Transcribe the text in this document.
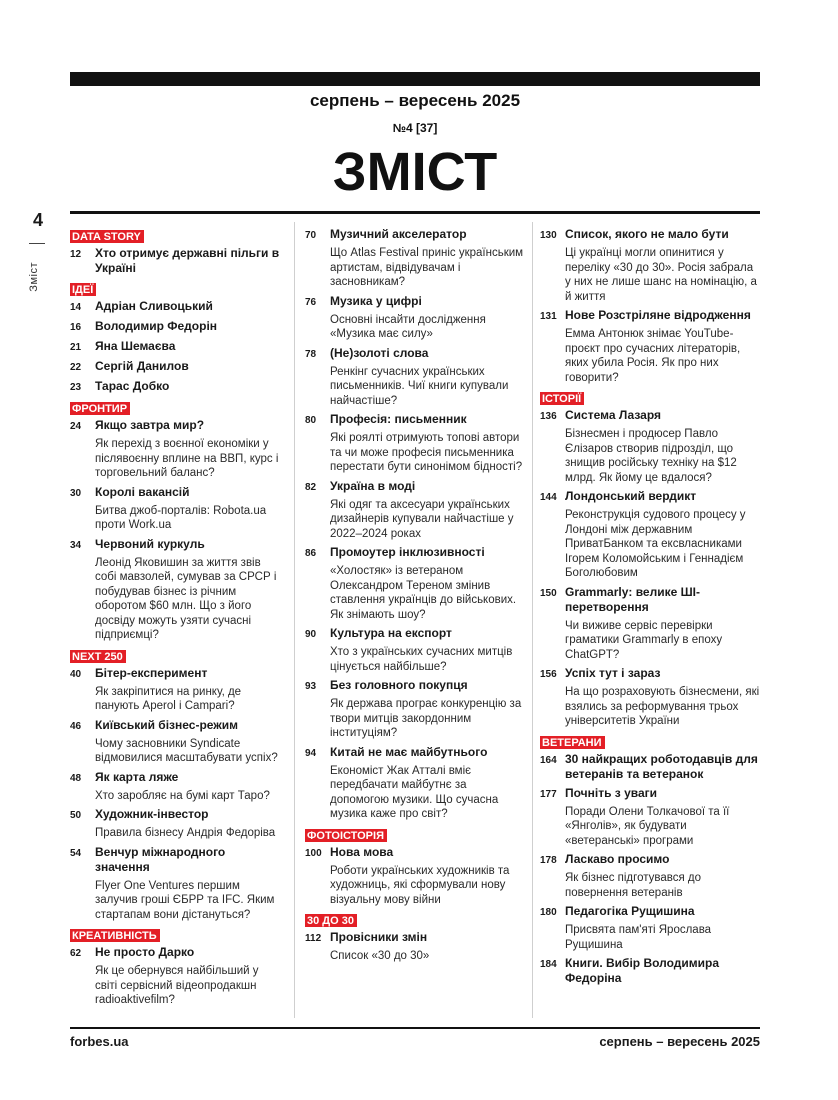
серпень – вересень 2025
№4 [37]
ЗМІСТ
4
Зміст
DATA STORY
12	Хто отримує державні пільги в Україні
ІДЕЇ
14	Адріан Сливоцький
16	Володимир Федорін
21	Яна Шемаєва
22	Сергій Данилов
23	Тарас Добко
ФРОНТИР
24	Якщо завтра мир?
Як перехід з воєнної економіки у післявоєнну вплине на ВВП, курс і торговельний баланс?
30	Королі вакансій
Битва джоб-порталів: Robota.ua проти Work.ua
34	Червоний куркуль
Леонід Яковишин за життя звів собі мавзолей, сумував за СРСР і побудував бізнес із річним оборотом $60 млн. Що з його досвіду можуть узяти сучасні підприємці?
NEXT 250
40	Бітер-експеримент
Як закріпитися на ринку, де панують Aperol і Campari?
46	Київський бізнес-режим
Чому засновники Syndicate відмовилися масштабувати успіх?
48	Як карта ляже
Хто заробляє на бумі карт Таро?
50	Художник-інвестор
Правила бізнесу Андрія Федоріва
54	Венчур міжнародного значення
Flyer One Ventures першим залучив гроші ЄБРР та IFC. Яким стартапам вони дістануться?
КРЕАТИВНІСТЬ
62	Не просто Дарко
Як це обернувся найбільший у світі сервісний відеопродакшн radioaktivefilm?
70	Музичний акселератор
Що Atlas Festival приніс українським артистам, відвідувачам і засновникам?
76	Музика у цифрі
Основні інсайти дослідження «Музика має силу»
78	(Не)золоті слова
Ренкінг сучасних українських письменників. Чиї книги купували найчастіше?
80	Професія: письменник
Які роялті отримують топові автори та чи може професія письменника перестати бути синонімом бідності?
82	Україна в моді
Які одяг та аксесуари українських дизайнерів купували найчастіше у 2022–2024 роках
86	Промоутер інклюзивності
«Холостяк» із ветераном Олександром Тереном змінив ставлення українців до військових. Як знімають шоу?
90	Культура на експорт
Хто з українських сучасних митців цінується найбільше?
93	Без головного покупця
Як держава програє конкуренцію за твори митців закордонним інституціям?
94	Китай не має майбутнього
Економіст Жак Атталі вміє передбачати майбутнє за допомогою музики. Що сучасна музика каже про світ?
ФОТОІСТОРІЯ
100 Нова мова
Роботи українських художників та художниць, які сформували нову візуальну мову війни
30 ДО 30
112 Провісники змін
Список «30 до 30»
130 Список, якого не мало бути
Ці українці могли опинитися у переліку «30 до 30». Росія забрала у них не лише шанс на номінацію, а й життя
131 Нове Розстріляне відродження
Емма Антонюк знімає YouTube-проєкт про сучасних літераторів, яких убила Росія. Як про них говорити?
ІСТОРІЇ
136 Система Лазаря
Бізнесмен і продюсер Павло Єлізаров створив підрозділ, що знищив російську техніку на $12 млрд. Як йому це вдалося?
144 Лондонський вердикт
Реконструкція судового процесу у Лондоні між державним ПриватБанком та ексвласниками Ігорем Коломойським і Геннадієм Боголюбовим
150 Grammarly: велике ШІ-перетворення
Чи виживе сервіс перевірки граматики Grammarly в епоху ChatGPT?
156 Успіх тут і зараз
На що розраховують бізнесмени, які взялись за реформування трьох університетів України
ВЕТЕРАНИ
164 30 найкращих роботодавців для ветеранів та ветеранок
177 Почніть з уваги
Поради Олени Толкачової та її «Янголів», як будувати «ветеранські» програми
178 Ласкаво просимо
Як бізнес підготувався до повернення ветеранів
180 Педагогіка Рущишина
Присвята пам'яті Ярослава Рущишина
184 Книги. Вибір Володимира Федоріна
forbes.ua	серпень – вересень 2025
